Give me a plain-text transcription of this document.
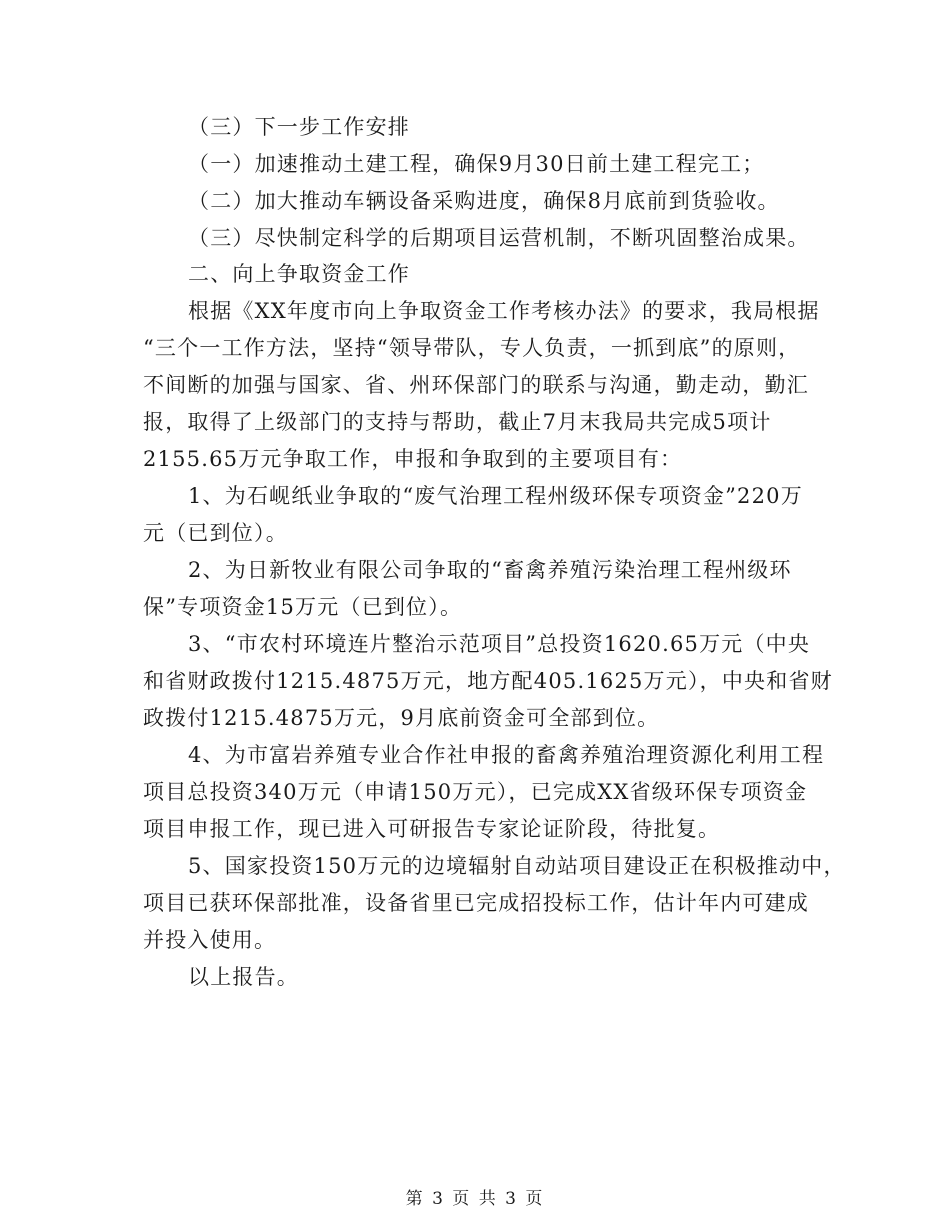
（三）下一步工作安排
（一）加速推动土建工程，确保9月30日前土建工程完工；
（二）加大推动车辆设备采购进度，确保8月底前到货验收。
（三）尽快制定科学的后期项目运营机制，不断巩固整治成果。
二、向上争取资金工作
根据《XX年度市向上争取资金工作考核办法》的要求，我局根据
“三个一工作方法，坚持“领导带队，专人负责，一抓到底”的原则，
不间断的加强与国家、省、州环保部门的联系与沟通，勤走动，勤汇
报，取得了上级部门的支持与帮助，截止7月末我局共完成5项计
2155.65万元争取工作，申报和争取到的主要项目有：
1、为石岘纸业争取的“废气治理工程州级环保专项资金”220万
元（已到位）。
2、为日新牧业有限公司争取的“畜禽养殖污染治理工程州级环
保”专项资金15万元（已到位）。
3、“市农村环境连片整治示范项目”总投资1620.65万元（中央
和省财政拨付1215.4875万元，地方配405.1625万元），中央和省财
政拨付1215.4875万元，9月底前资金可全部到位。
4、为市富岩养殖专业合作社申报的畜禽养殖治理资源化利用工程
项目总投资340万元（申请150万元），已完成XX省级环保专项资金
项目申报工作，现已进入可研报告专家论证阶段，待批复。
5、国家投资150万元的边境辐射自动站项目建设正在积极推动中，
项目已获环保部批准，设备省里已完成招投标工作，估计年内可建成
并投入使用。
以上报告。
第 3 页 共 3 页
